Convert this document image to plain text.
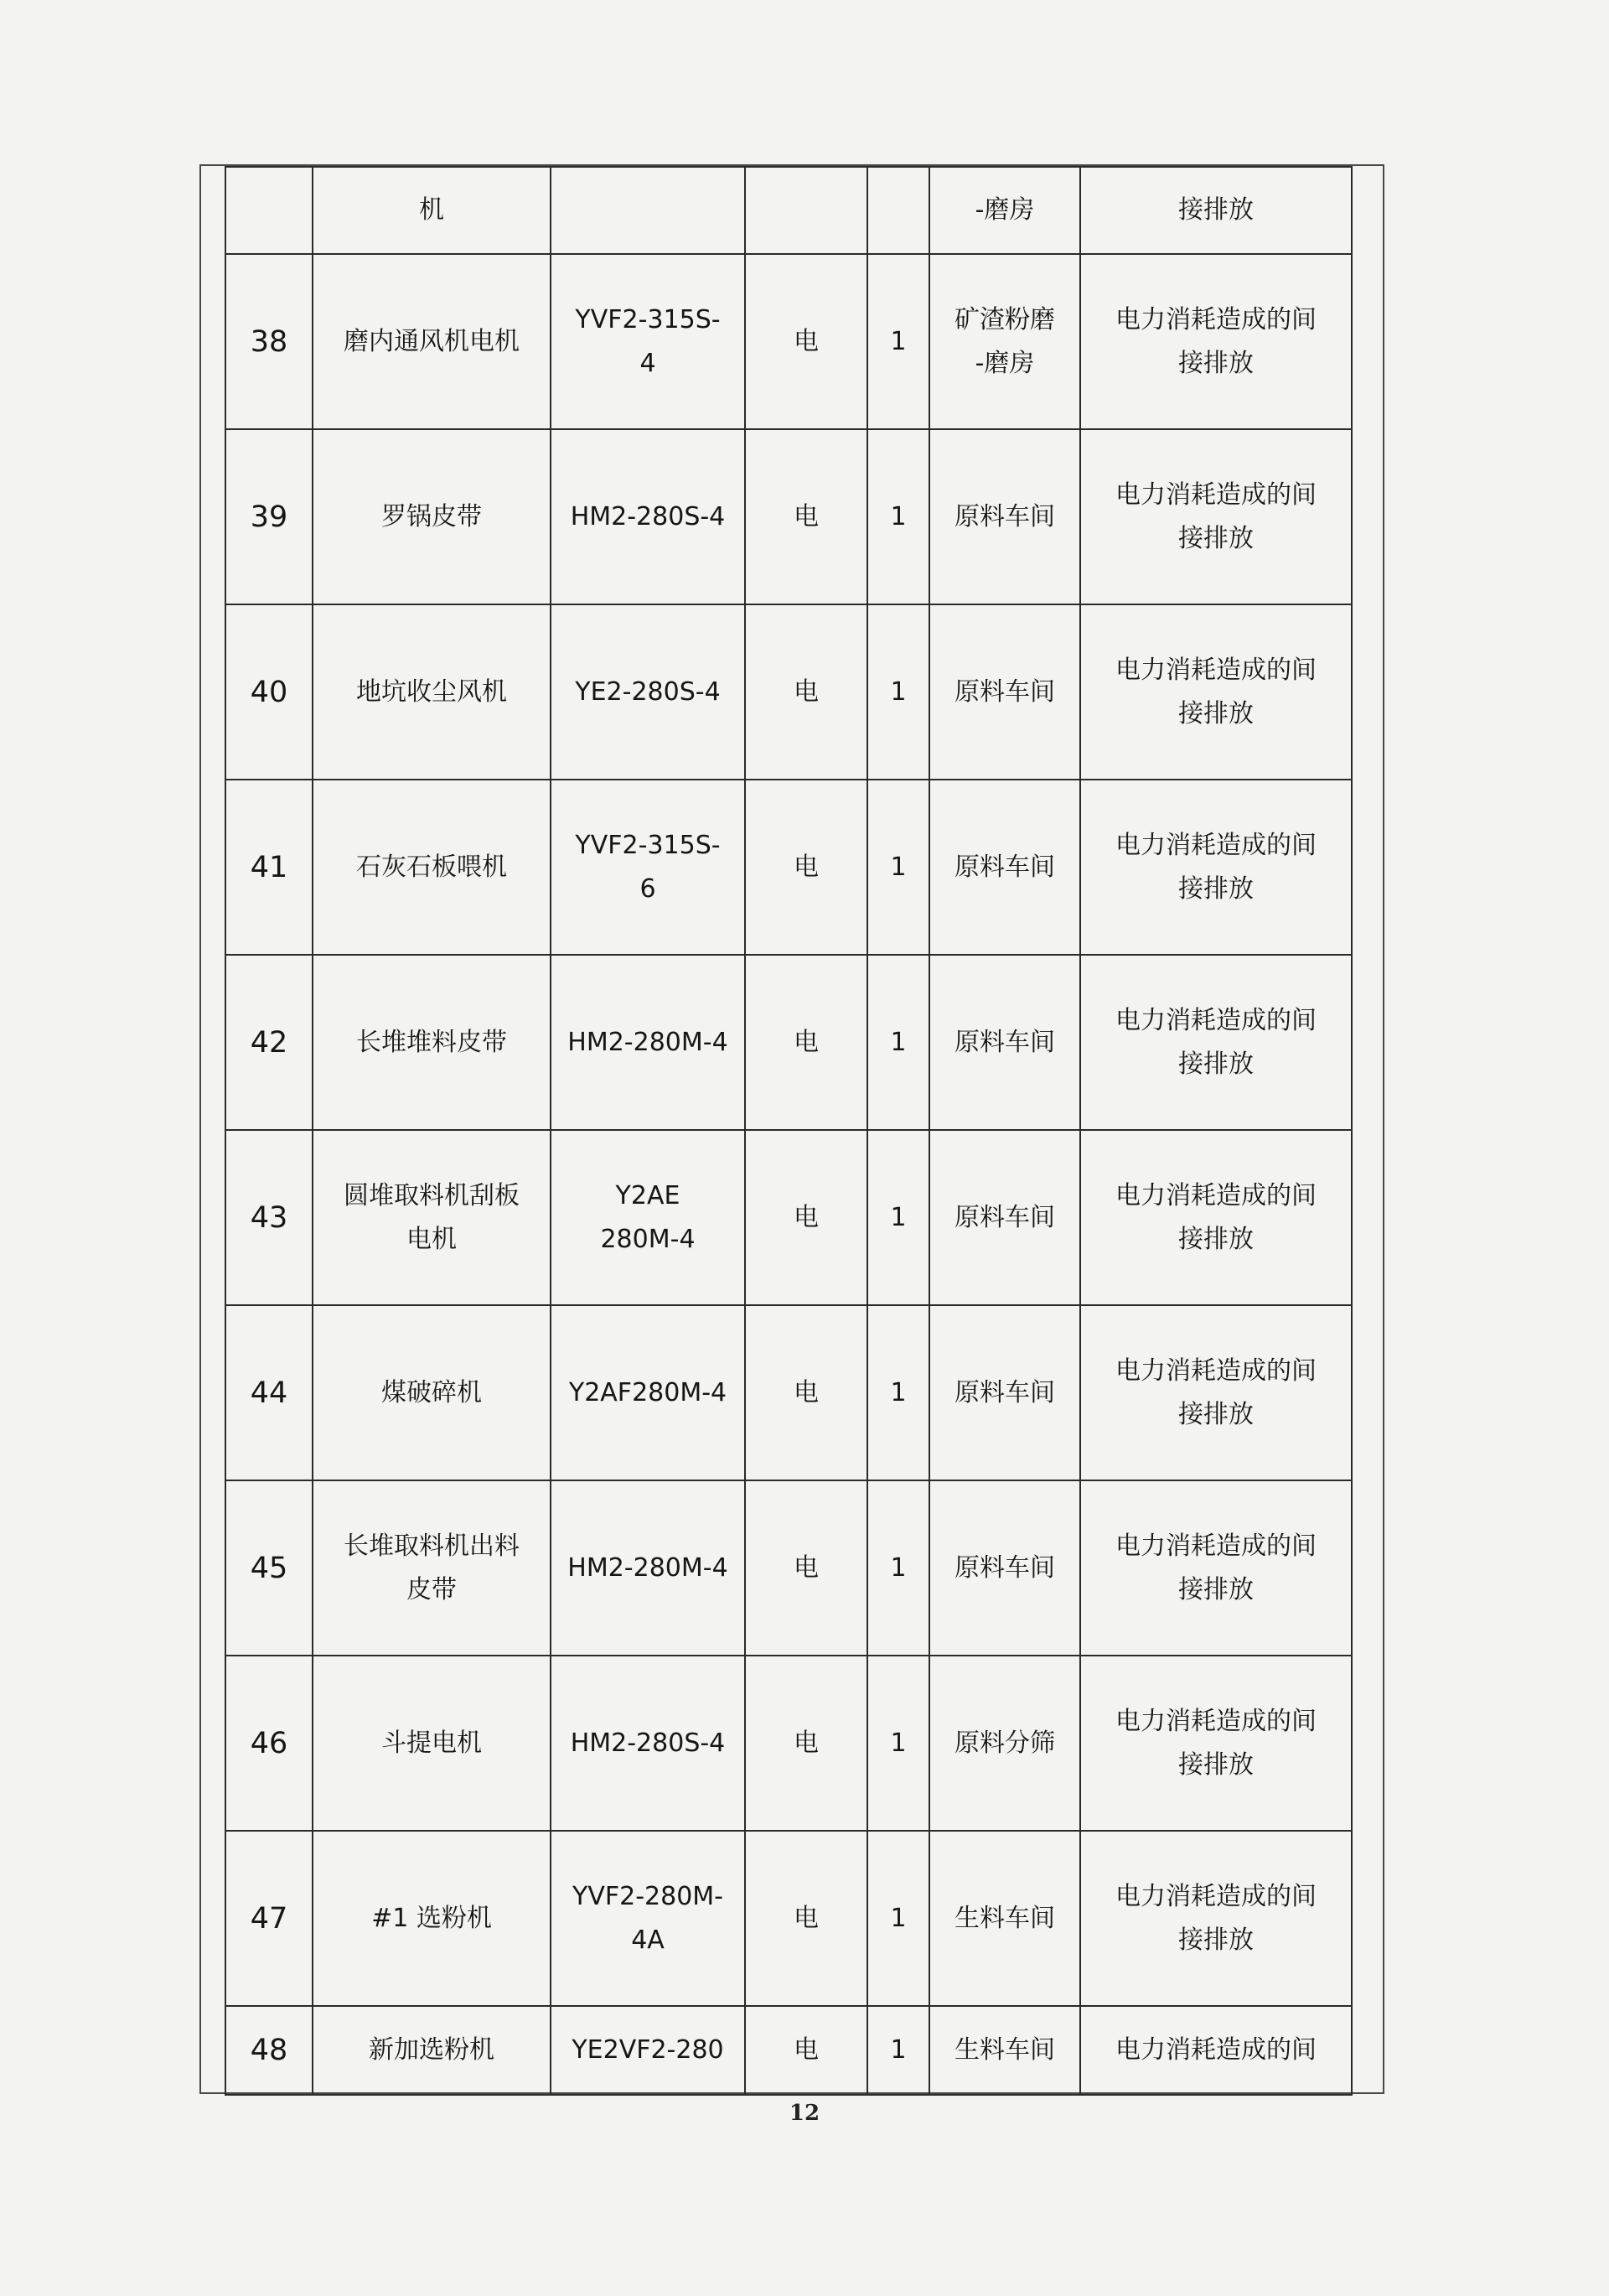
	机				-磨房	接排放

38	磨内通风机电机	YVF2-315S-
4	电	1	矿渣粉磨
-磨房	电力消耗造成的间
接排放

39	罗锅皮带	HM2-280S-4	电	1	原料车间	电力消耗造成的间
接排放

40	地坑收尘风机	YE2-280S-4	电	1	原料车间	电力消耗造成的间
接排放

41	石灰石板喂机	YVF2-315S-
6	电	1	原料车间	电力消耗造成的间
接排放

42	长堆堆料皮带	HM2-280M-4	电	1	原料车间	电力消耗造成的间
接排放

43	圆堆取料机刮板
电机	Y2AE
280M-4	电	1	原料车间	电力消耗造成的间
接排放

44	煤破碎机	Y2AF280M-4	电	1	原料车间	电力消耗造成的间
接排放

45	长堆取料机出料
皮带	HM2-280M-4	电	1	原料车间	电力消耗造成的间
接排放

46	斗提电机	HM2-280S-4	电	1	原料分筛	电力消耗造成的间
接排放

47	#1 选粉机	YVF2-280M-
4A	电	1	生料车间	电力消耗造成的间
接排放

48	新加选粉机	YE2VF2-280	电	1	生料车间	电力消耗造成的间
12
